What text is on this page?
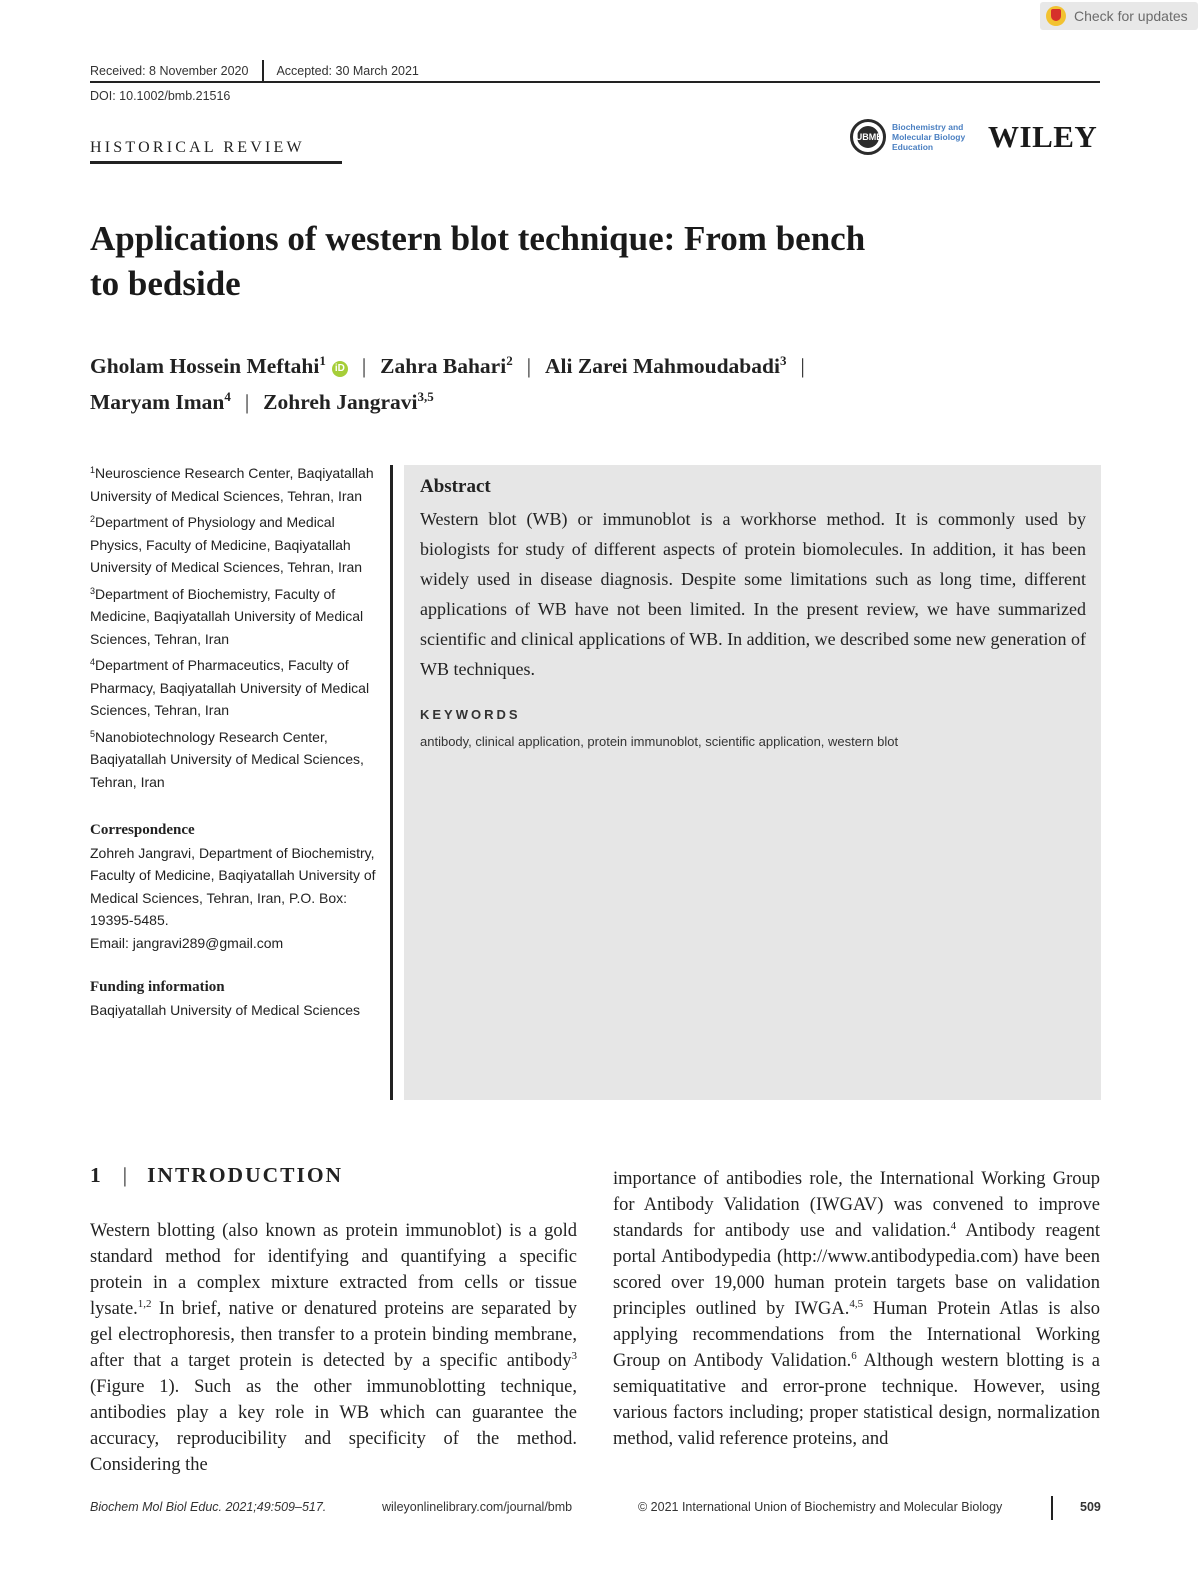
Check for updates
Received: 8 November 2020 Accepted: 30 March 2021
DOI: 10.1002/bmb.21516
HISTORICAL REVIEW
IUBMB
Biochemistry and Molecular Biology Education	WILEY
Applications of western blot technique: From bench
to bedside
Gholam Hossein Meftahi$^1$iD | Zahra Bahari$^2$ | Ali Zarei Mahmoudabadi$^3$ |
Maryam Iman$^4$ | Zohreh Jangravi$^{3,5}$
$^1$Neuroscience Research Center, Baqiyatallah University of Medical Sciences, Tehran, Iran
$^2$Department of Physiology and Medical Physics, Faculty of Medicine, Baqiyatallah University of Medical Sciences, Tehran, Iran
$^3$Department of Biochemistry, Faculty of Medicine, Baqiyatallah University of Medical Sciences, Tehran, Iran
$^4$Department of Pharmaceutics, Faculty of Pharmacy, Baqiyatallah University of Medical Sciences, Tehran, Iran
$^5$Nanobiotechnology Research Center, Baqiyatallah University of Medical Sciences, Tehran, Iran
Correspondence
Zohreh Jangravi, Department of Biochemistry, Faculty of Medicine, Baqiyatallah University of Medical Sciences, Tehran, Iran, P.O. Box: 19395-5485.
Email: jangravi289@gmail.com
Funding information
Baqiyatallah University of Medical Sciences
Abstract
Western blot (WB) or immunoblot is a workhorse method. It is commonly used by biologists for study of different aspects of protein biomolecules. In addition, it has been widely used in disease diagnosis. Despite some limitations such as long time, different applications of WB have not been limited. In the present review, we have summarized scientific and clinical applications of WB. In addition, we described some new generation of WB techniques.
KEYWORDS
antibody, clinical application, protein immunoblot, scientific application, western blot
1 | INTRODUCTION

Western blotting (also known as protein immunoblot) is a gold standard method for identifying and quantifying a specific protein in a complex mixture extracted from cells or tissue lysate.$^{1,2}$ In brief, native or denatured proteins are separated by gel electrophoresis, then transfer to a protein binding membrane, after that a target protein is detected by a specific antibody$^3$ (Figure 1). Such as the other immunoblotting technique, antibodies play a key role in WB which can guarantee the accuracy, reproducibility and specificity of the method. Considering the

importance of antibodies role, the International Working Group for Antibody Validation (IWGAV) was convened to improve standards for antibody use and validation.$^4$ Antibody reagent portal Antibodypedia (http://www.antibodypedia.com) have been scored over 19,000 human protein targets base on validation principles outlined by IWGA.$^{4,5}$ Human Protein Atlas is also applying recommendations from the International Working Group on Antibody Validation.$^6$ Although western blotting is a semiquatitative and error-prone technique. However, using various factors including; proper statistical design, normalization method, valid reference proteins, and

Biochem Mol Biol Educ. 2021;49:509–517.	wileyonlinelibrary.com/journal/bmb	© 2021 International Union of Biochemistry and Molecular Biology	509
